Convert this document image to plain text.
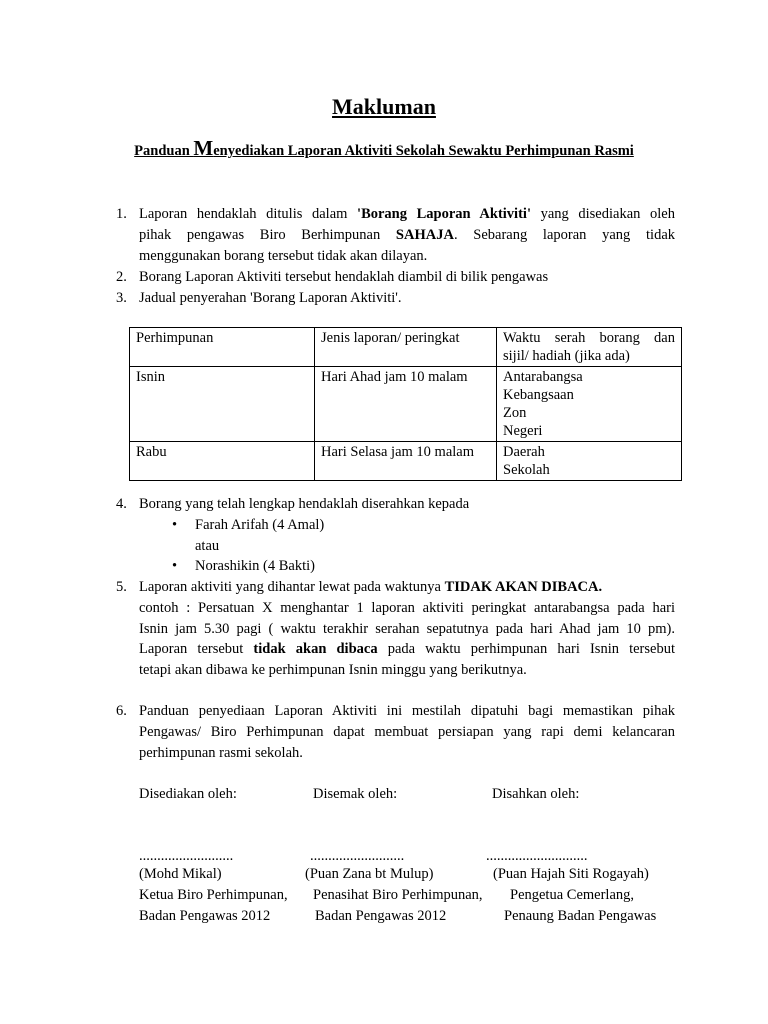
Makluman
Panduan Menyediakan Laporan Aktiviti Sekolah Sewaktu Perhimpunan Rasmi
1. Laporan hendaklah ditulis dalam 'Borang Laporan Aktiviti' yang disediakan oleh
pihak pengawas Biro Berhimpunan SAHAJA. Sebarang laporan yang tidak
menggunakan borang tersebut tidak akan dilayan.
2. Borang Laporan Aktiviti tersebut hendaklah diambil di bilik pengawas
3. Jadual penyerahan 'Borang Laporan Aktiviti'.
Perhimpunan	Jenis laporan/ peringkat	Waktu serah borang dan
sijil/ hadiah (jika ada)

Isnin	Hari Ahad jam 10 malam	Antarabangsa
Kebangsaan
Zon
Negeri

Rabu	Hari Selasa jam 10 malam	Daerah
Sekolah
4. Borang yang telah lengkap hendaklah diserahkan kepada
• Farah Arifah (4 Amal)
atau
• Norashikin (4 Bakti)
5. Laporan aktiviti yang dihantar lewat pada waktunya TIDAK AKAN DIBACA.
contoh : Persatuan X menghantar 1 laporan aktiviti peringkat antarabangsa pada hari
Isnin jam 5.30 pagi ( waktu terakhir serahan sepatutnya pada hari Ahad jam 10 pm).
Laporan tersebut tidak akan dibaca pada waktu perhimpunan hari Isnin tersebut
tetapi akan dibawa ke perhimpunan Isnin minggu yang berikutnya.
6. Panduan penyediaan Laporan Aktiviti ini mestilah dipatuhi bagi memastikan pihak
Pengawas/ Biro Perhimpunan dapat membuat persiapan yang rapi demi kelancaran
perhimpunan rasmi sekolah.
Disediakan oleh:	Disemak oleh:	Disahkan oleh:
..........................	..........................	............................
(Mohd Mikal)	(Puan Zana bt Mulup)	(Puan Hajah Siti Rogayah)
Ketua Biro Perhimpunan, Penasihat Biro Perhimpunan, Pengetua Cemerlang,
Badan Pengawas 2012	Badan Pengawas 2012	Penaung Badan Pengawas
